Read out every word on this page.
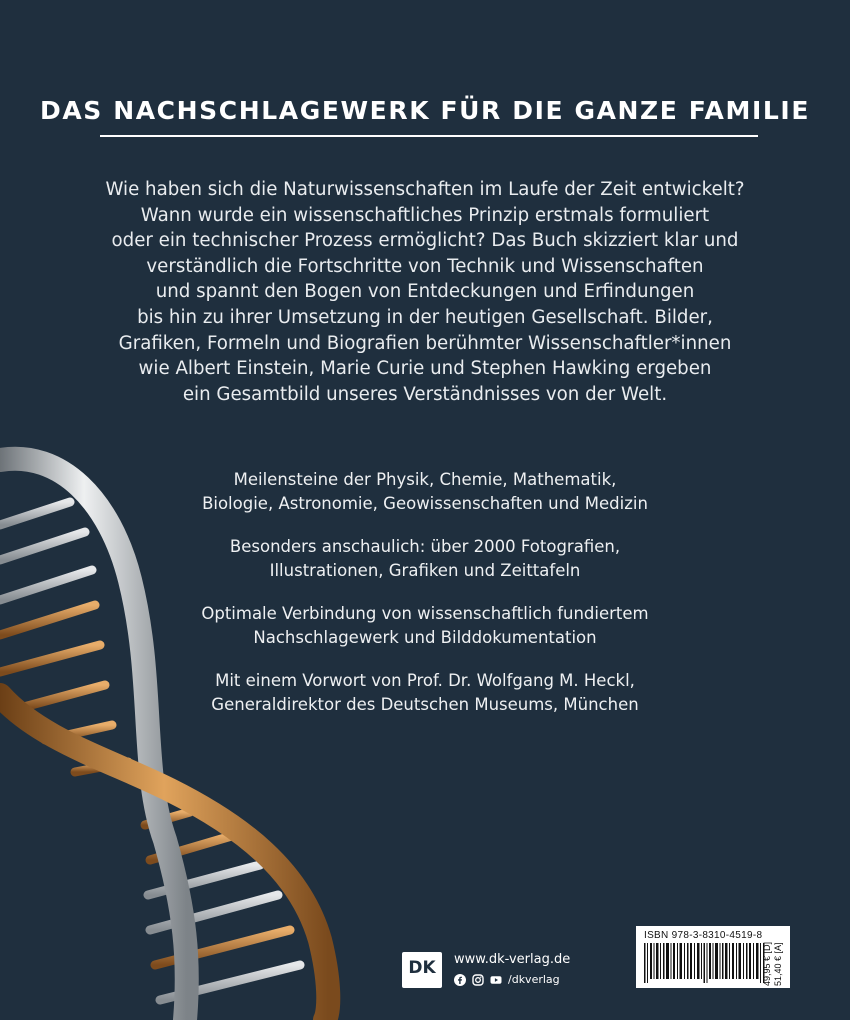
DAS NACHSCHLAGEWERK FÜR DIE GANZE FAMILIE
Wie haben sich die Naturwissenschaften im Laufe der Zeit entwickelt?
Wann wurde ein wissenschaftliches Prinzip erstmals formuliert
oder ein technischer Prozess ermöglicht? Das Buch skizziert klar und
verständlich die Fortschritte von Technik und Wissenschaften
und spannt den Bogen von Entdeckungen und Erfindungen
bis hin zu ihrer Umsetzung in der heutigen Gesellschaft. Bilder,
Grafiken, Formeln und Biografien berühmter Wissenschaftler*innen
wie Albert Einstein, Marie Curie und Stephen Hawking ergeben
ein Gesamtbild unseres Verständnisses von der Welt.
Meilensteine der Physik, Chemie, Mathematik,
Biologie, Astronomie, Geowissenschaften und Medizin
Besonders anschaulich: über 2000 Fotografien,
Illustrationen, Grafiken und Zeittafeln
Optimale Verbindung von wissenschaftlich fundiertem
Nachschlagewerk und Bilddokumentation
Mit einem Vorwort von Prof. Dr. Wolfgang M. Heckl,
Generaldirektor des Deutschen Museums, München
DK	www.dk-verlag.de
/dkverlag
ISBN 978-3-8310-4519-8
49,95 € [D] 51,40 € [A]
